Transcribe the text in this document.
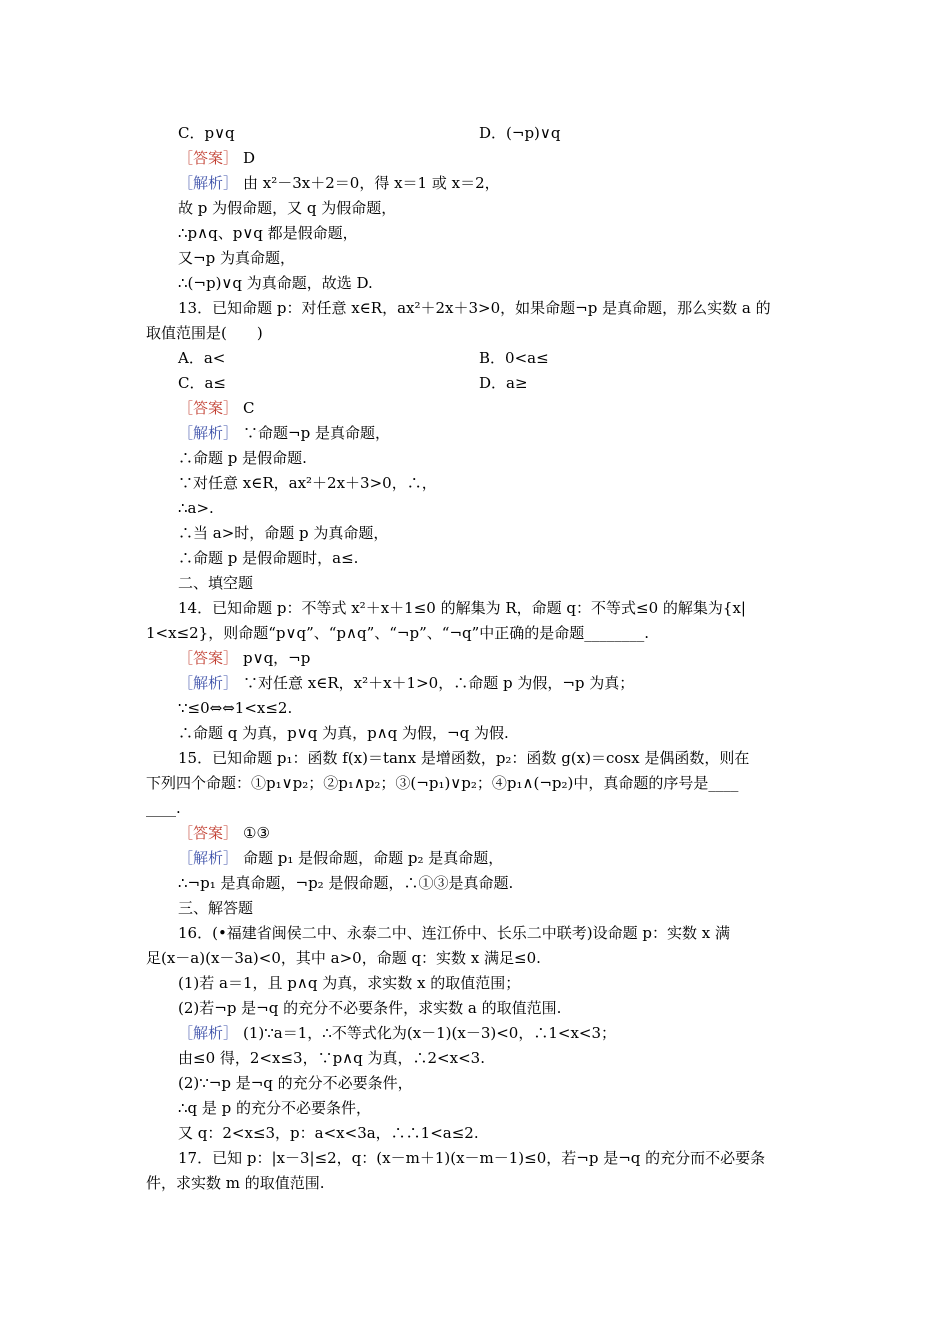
C．p∨q	D．(¬p)∨q
［答案］ D
［解析］ 由 x²－3x＋2＝0，得 x＝1 或 x＝2，
故 p 为假命题，又 q 为假命题，
∴p∧q、p∨q 都是假命题，
又¬p 为真命题，
∴(¬p)∨q 为真命题，故选 D.
13．已知命题 p：对任意 x∈R，ax²＋2x＋3>0，如果命题¬p 是真命题，那么实数 a 的
取值范围是(　　)
A．a<	B．0<a≤
C．a≤	D．a≥
［答案］ C
［解析］ ∵命题¬p 是真命题，
∴命题 p 是假命题.
∵对任意 x∈R，ax²＋2x＋3>0，∴，
∴a>.
∴当 a>时，命题 p 为真命题，
∴命题 p 是假命题时，a≤.
二、填空题
14．已知命题 p：不等式 x²＋x＋1≤0 的解集为 R，命题 q：不等式≤0 的解集为{x|
1<x≤2}，则命题“p∨q”、“p∧q”、“¬p”、“¬q”中正确的是命题________.
［答案］ p∨q，¬p
［解析］ ∵对任意 x∈R，x²＋x＋1>0，∴命题 p 为假，¬p 为真；
∵≤0⇔⇔1<x≤2.
∴命题 q 为真，p∨q 为真，p∧q 为假，¬q 为假.
15．已知命题 p₁：函数 f(x)＝tanx 是增函数，p₂：函数 g(x)＝cosx 是偶函数，则在
下列四个命题：①p₁∨p₂；②p₁∧p₂；③(¬p₁)∨p₂；④p₁∧(¬p₂)中，真命题的序号是____
____.
［答案］ ①③
［解析］ 命题 p₁ 是假命题，命题 p₂ 是真命题，
∴¬p₁ 是真命题，¬p₂ 是假命题，∴①③是真命题.
三、解答题
16．(•福建省闽侯二中、永泰二中、连江侨中、长乐二中联考)设命题 p：实数 x 满
足(x－a)(x－3a)<0，其中 a>0，命题 q：实数 x 满足≤0.
(1)若 a＝1，且 p∧q 为真，求实数 x 的取值范围；
(2)若¬p 是¬q 的充分不必要条件，求实数 a 的取值范围.
［解析］ (1)∵a＝1，∴不等式化为(x－1)(x－3)<0，∴1<x<3；
由≤0 得，2<x≤3，∵p∧q 为真，∴2<x<3.
(2)∵¬p 是¬q 的充分不必要条件，
∴q 是 p 的充分不必要条件，
又 q：2<x≤3，p：a<x<3a，∴∴1<a≤2.
17．已知 p：|x－3|≤2，q：(x－m＋1)(x－m－1)≤0，若¬p 是¬q 的充分而不必要条
件，求实数 m 的取值范围.
